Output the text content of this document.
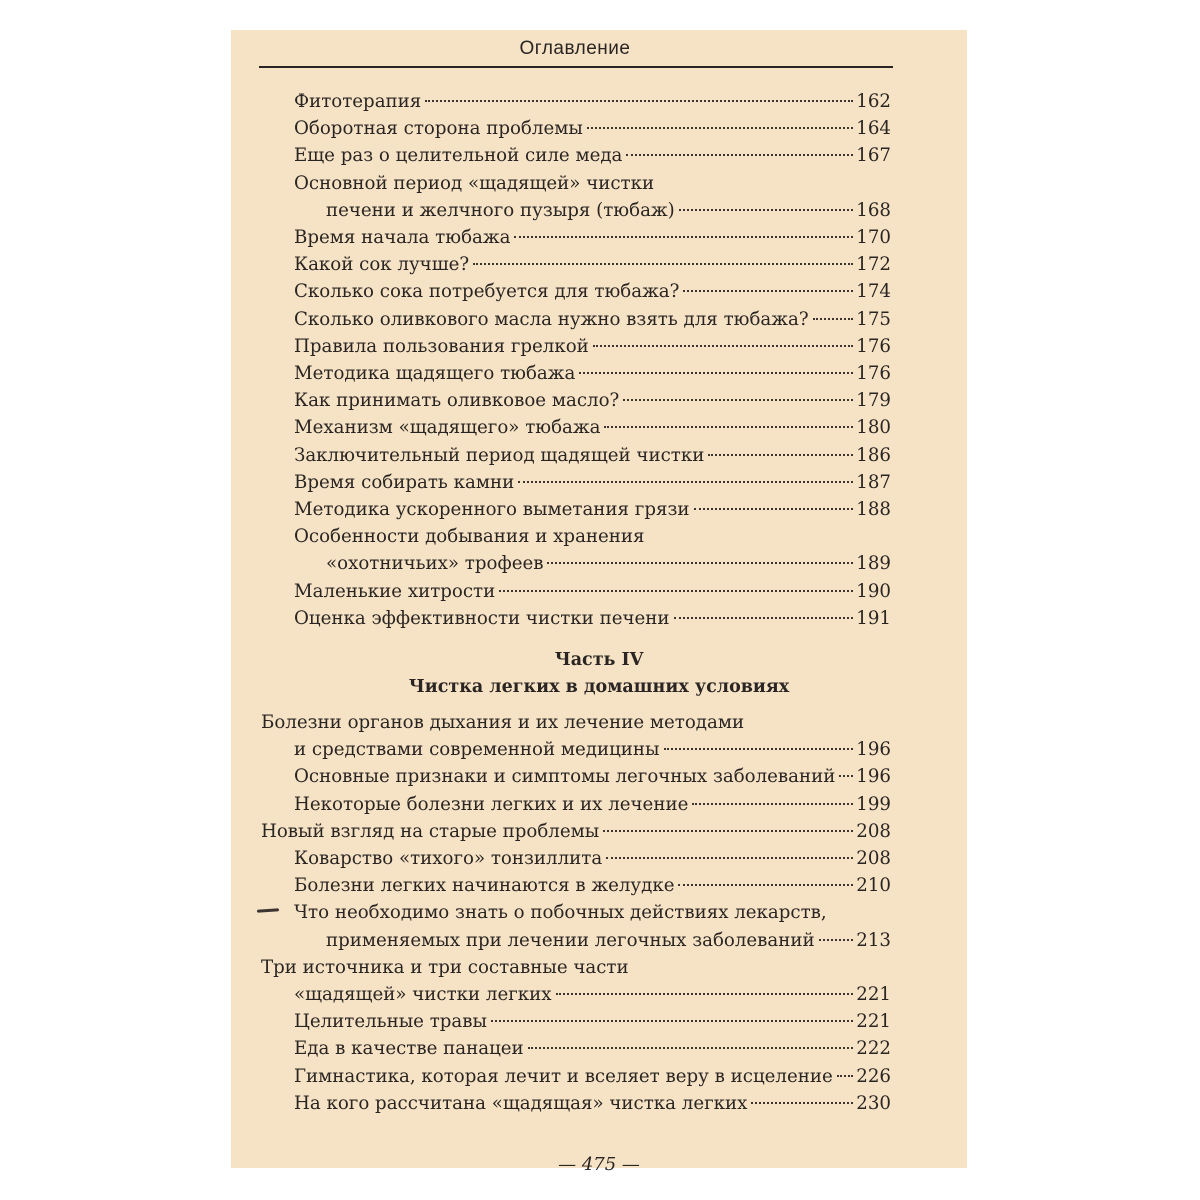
Оглавление
Фитотерапия	162
Оборотная сторона проблемы	164
Еще раз о целительной силе меда	167
Основной период «щадящей» чистки
печени и желчного пузыря (тюбаж)	168
Время начала тюбажа	170
Какой сок лучше?	172
Сколько сока потребуется для тюбажа?	174
Сколько оливкового масла нужно взять для тюбажа?	175
Правила пользования грелкой	176
Методика щадящего тюбажа	176
Как принимать оливковое масло?	179
Механизм «щадящего» тюбажа	180
Заключительный период щадящей чистки	186
Время собирать камни	187
Методика ускоренного выметания грязи	188
Особенности добывания и хранения
«охотничьих» трофеев	189
Маленькие хитрости	190
Оценка эффективности чистки печени	191
Болезни органов дыхания и их лечение методами
и средствами современной медицины	196
Основные признаки и симптомы легочных заболеваний 196
Некоторые болезни легких и их лечение	199
Новый взгляд на старые проблемы	208
Коварство «тихого» тонзиллита	208
Болезни легких начинаются в желудке	210
Что необходимо знать о побочных действиях лекарств,
применяемых при лечении легочных заболеваний 213
Три источника и три составные части
«щадящей» чистки легких	221
Целительные травы	221
Еда в качестве панацеи	222
Гимнастика, которая лечит и вселяет веру в исцеление 226
На кого рассчитана «щадящая» чистка легких	230
Часть IV
Чистка легких в домашних условиях
— 475 —
